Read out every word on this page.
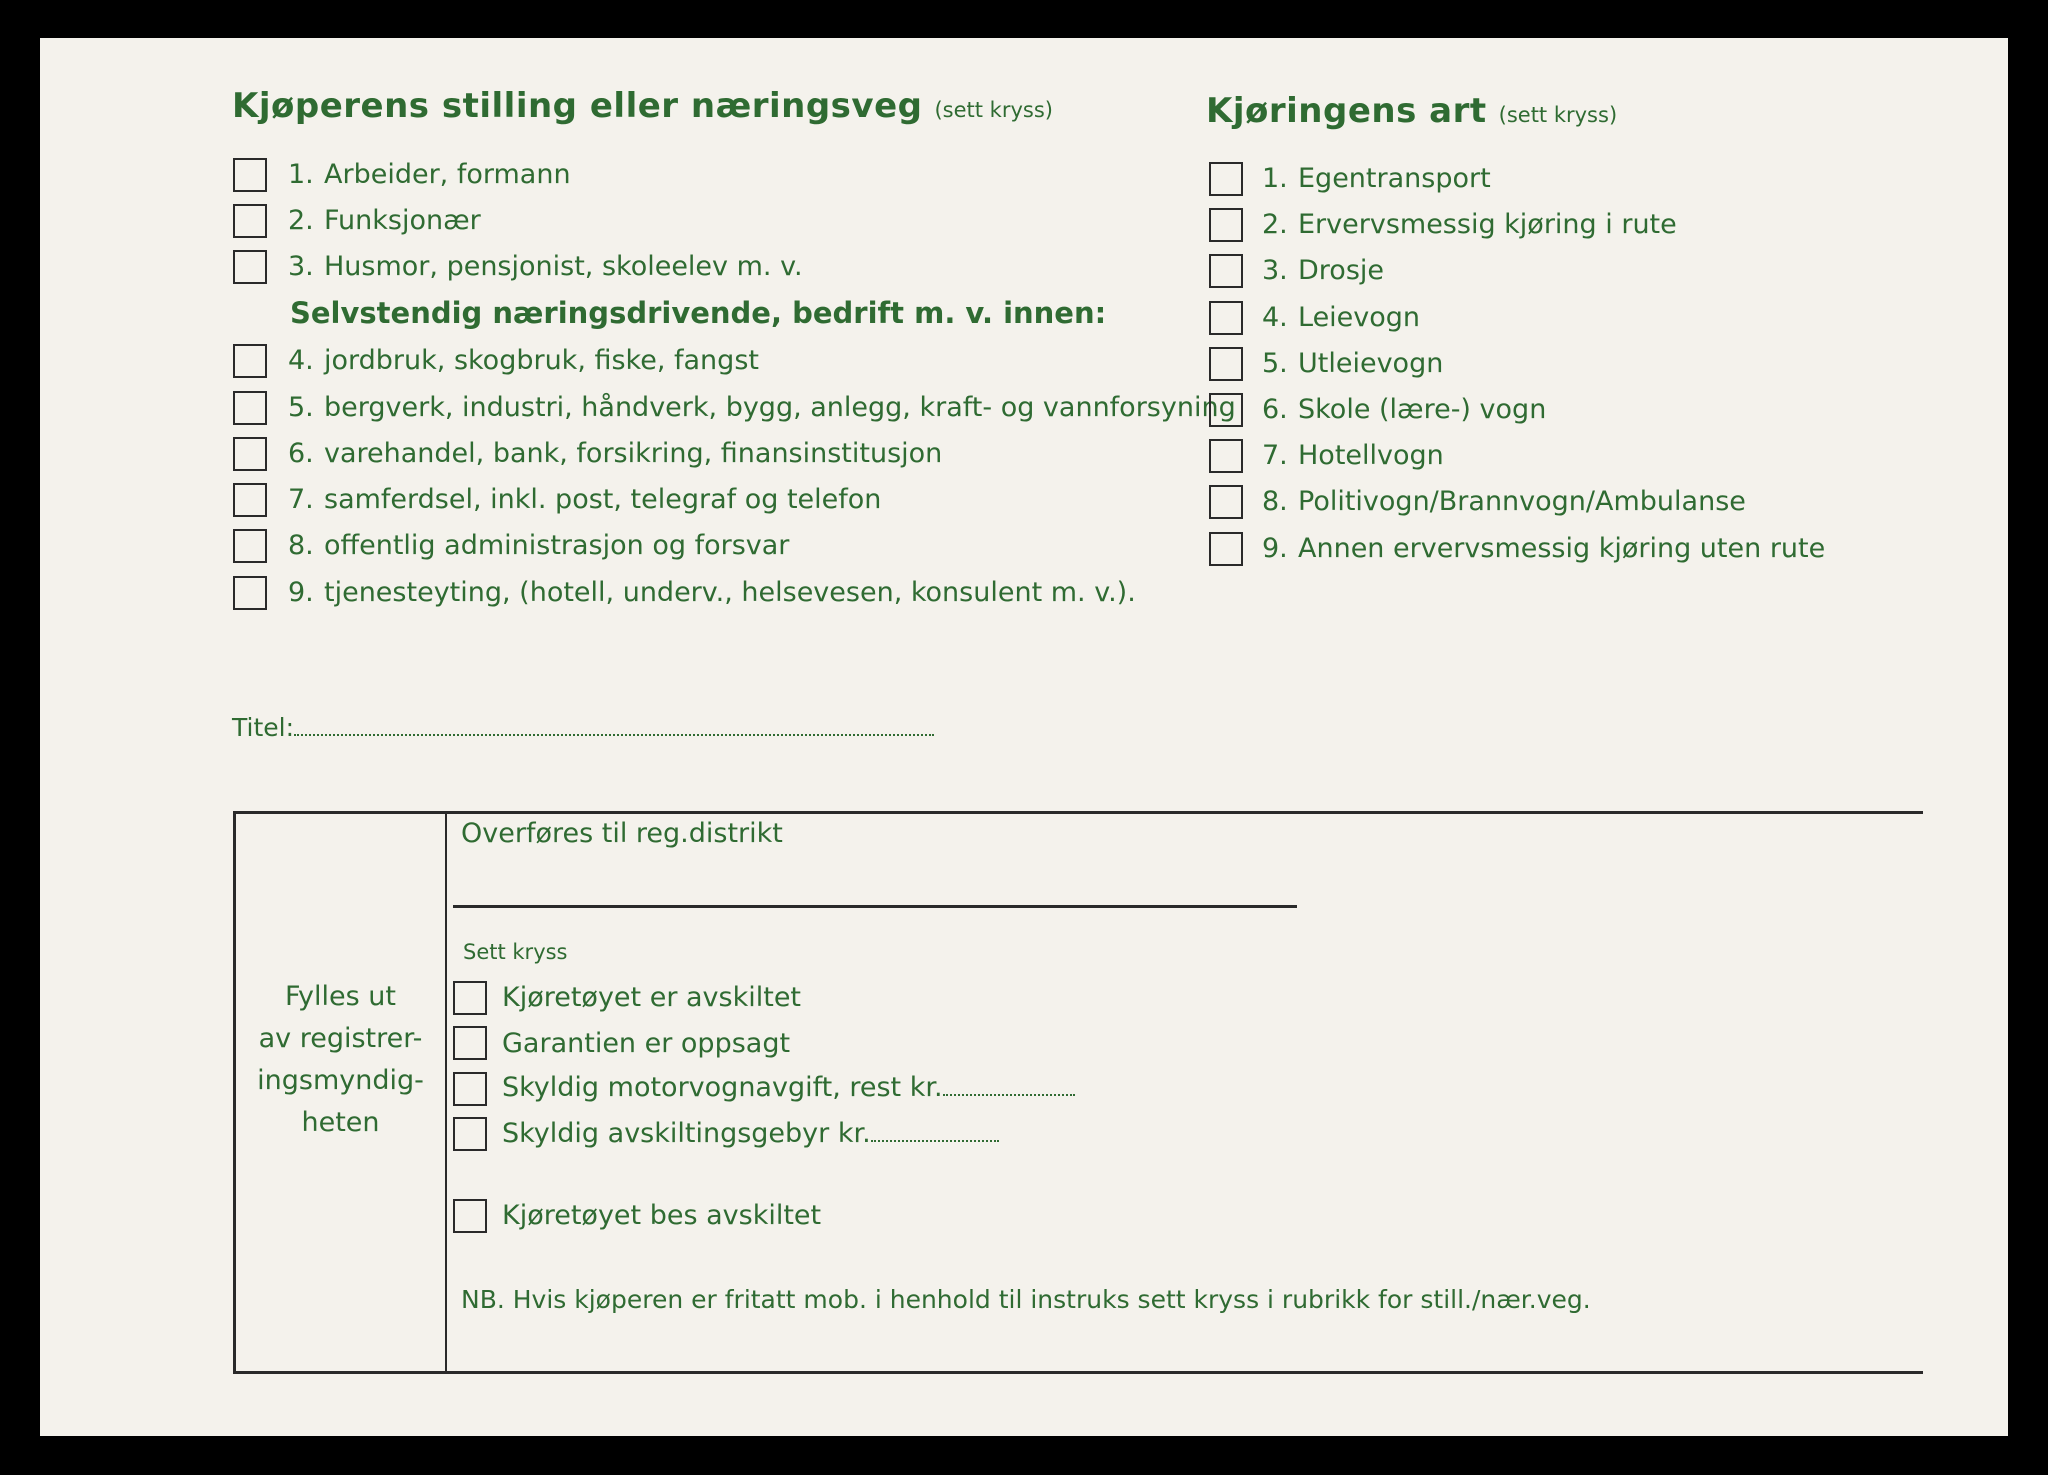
Kjøperens stilling eller næringsveg (sett kryss)
1. Arbeider, formann
2. Funksjonær
3. Husmor, pensjonist, skoleelev m. v.
Selvstendig næringsdrivende, bedrift m. v. innen:
4. jordbruk, skogbruk, fiske, fangst
5. bergverk, industri, håndverk, bygg, anlegg, kraft- og vannforsyning
6. varehandel, bank, forsikring, finansinstitusjon
7. samferdsel, inkl. post, telegraf og telefon
8. offentlig administrasjon og forsvar
9. tjenesteyting, (hotell, underv., helsevesen, konsulent m. v.).
Kjøringens art (sett kryss)
1. Egentransport
2. Ervervsmessig kjøring i rute
3. Drosje
4. Leievogn
5. Utleievogn
6. Skole (lære-) vogn
7. Hotellvogn
8. Politivogn/Brannvogn/Ambulanse
9. Annen ervervsmessig kjøring uten rute
Titel:
Fylles ut
av registrer-
ingsmyndig-
heten
Overføres til reg.distrikt
Sett kryss
Kjøretøyet er avskiltet
Garantien er oppsagt
Skyldig motorvognavgift, rest kr.
Skyldig avskiltingsgebyr kr.
Kjøretøyet bes avskiltet
NB. Hvis kjøperen er fritatt mob. i henhold til instruks sett kryss i rubrikk for still./nær.veg.
